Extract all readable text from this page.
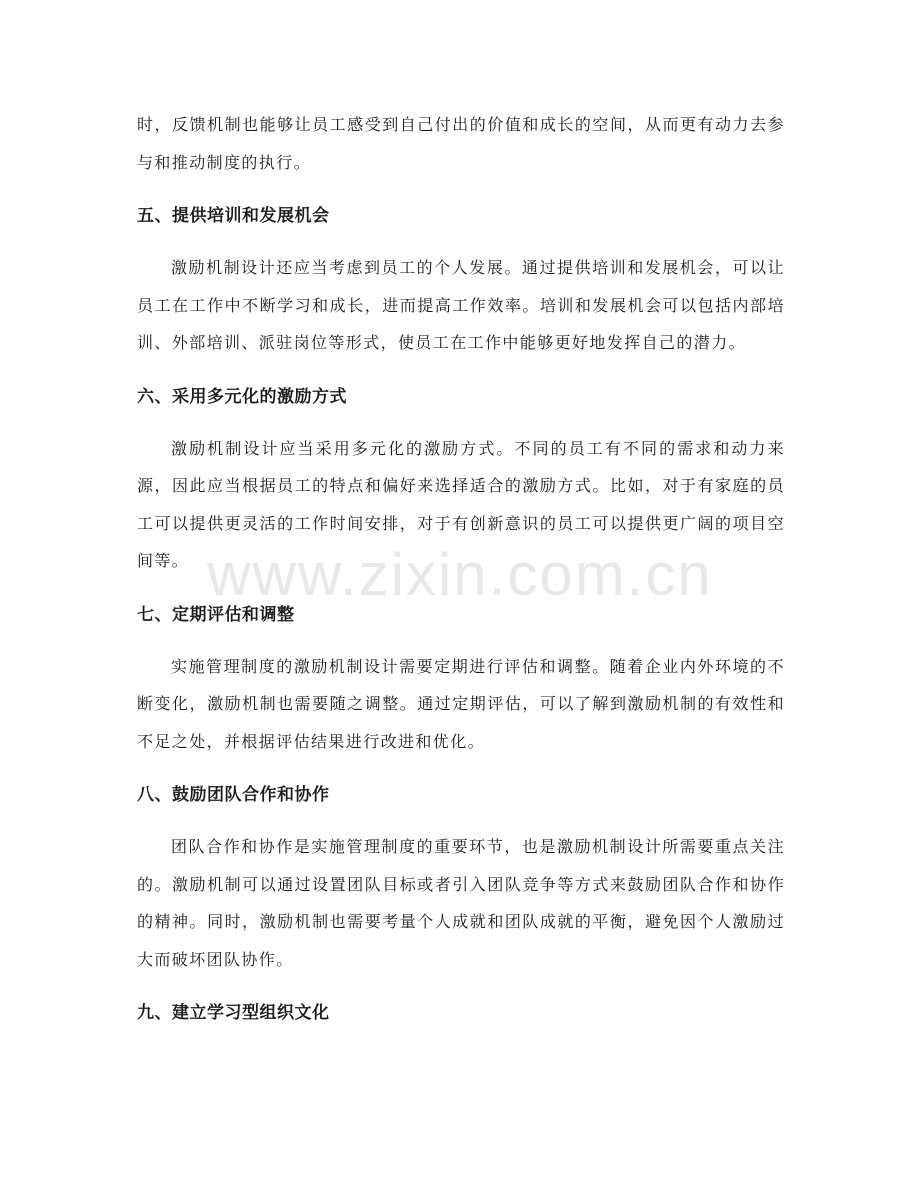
时，反馈机制也能够让员工感受到自己付出的价值和成长的空间，从而更有动力去参与和推动制度的执行。

五、提供培训和发展机会

激励机制设计还应当考虑到员工的个人发展。通过提供培训和发展机会，可以让员工在工作中不断学习和成长，进而提高工作效率。培训和发展机会可以包括内部培训、外部培训、派驻岗位等形式，使员工在工作中能够更好地发挥自己的潜力。

六、采用多元化的激励方式

激励机制设计应当采用多元化的激励方式。不同的员工有不同的需求和动力来源，因此应当根据员工的特点和偏好来选择适合的激励方式。比如，对于有家庭的员工可以提供更灵活的工作时间安排，对于有创新意识的员工可以提供更广阔的项目空间等。

七、定期评估和调整

实施管理制度的激励机制设计需要定期进行评估和调整。随着企业内外环境的不断变化，激励机制也需要随之调整。通过定期评估，可以了解到激励机制的有效性和不足之处，并根据评估结果进行改进和优化。

八、鼓励团队合作和协作

团队合作和协作是实施管理制度的重要环节，也是激励机制设计所需要重点关注的。激励机制可以通过设置团队目标或者引入团队竞争等方式来鼓励团队合作和协作的精神。同时，激励机制也需要考量个人成就和团队成就的平衡，避免因个人激励过大而破坏团队协作。

九、建立学习型组织文化
www.zixin.com.cn
